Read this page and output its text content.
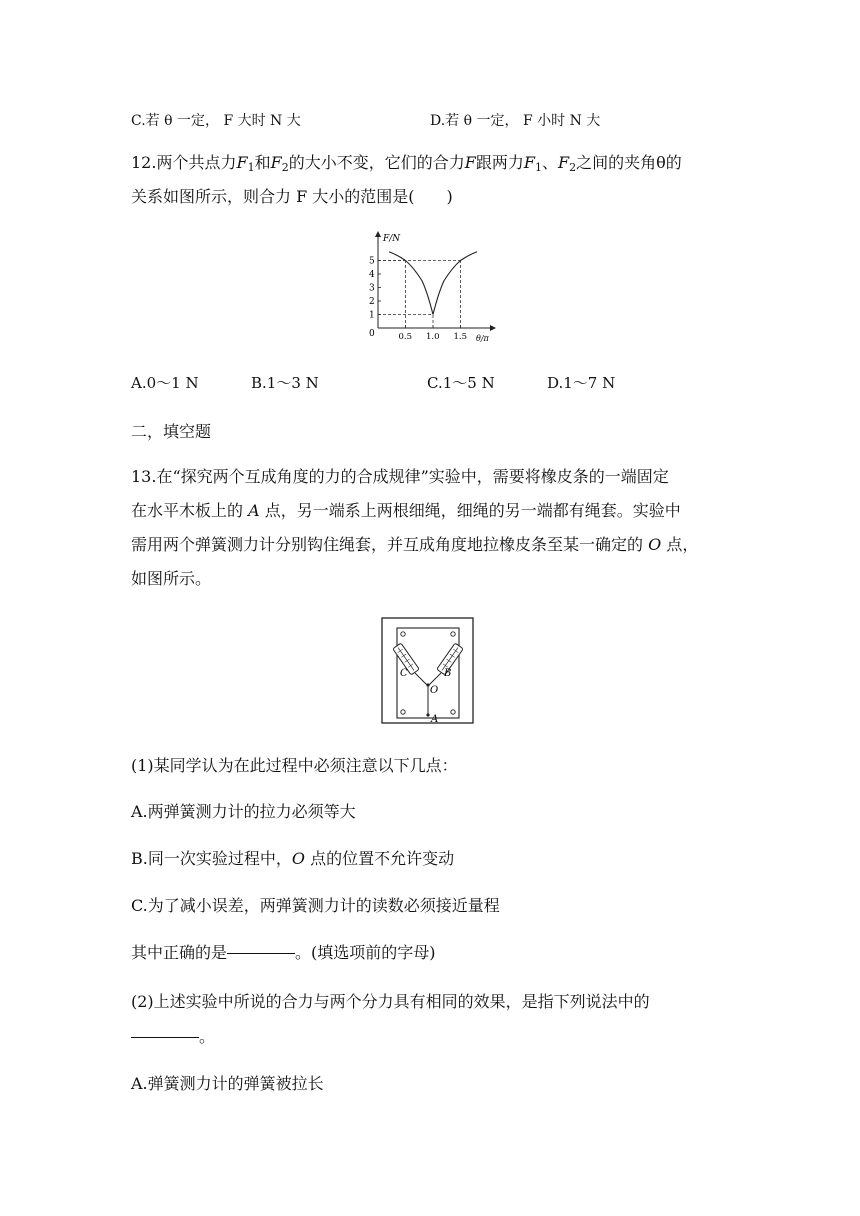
C.若 θ 一定， F 大时 N 大	D.若 θ 一定， F 小时 N 大
12.两个共点力$F_1$和$F_2$的大小不变，它们的合力F跟两力$F_1$、$F_2$之间的夹角θ的
关系如图所示，则合力 F 大小的范围是(　　)
F/N
θ/π
0
1
2
3
4
5
0.5 1.0 1.5
A.0～1 N	B.1～3 N	C.1～5 N	D.1～7 N
二，填空题
13.在“探究两个互成角度的力的合成规律”实验中，需要将橡皮条的一端固定
在水平木板上的 A 点，另一端系上两根细绳，细绳的另一端都有绳套。实验中
需用两个弹簧测力计分别钩住绳套，并互成角度地拉橡皮条至某一确定的 O 点，
如图所示。
C	B
O
A
(1)某同学认为在此过程中必须注意以下几点：
A.两弹簧测力计的拉力必须等大
B.同一次实验过程中，O 点的位置不允许变动
C.为了减小误差，两弹簧测力计的读数必须接近量程
其中正确的是	。(填选项前的字母)
(2)上述实验中所说的合力与两个分力具有相同的效果，是指下列说法中的
。
A.弹簧测力计的弹簧被拉长
